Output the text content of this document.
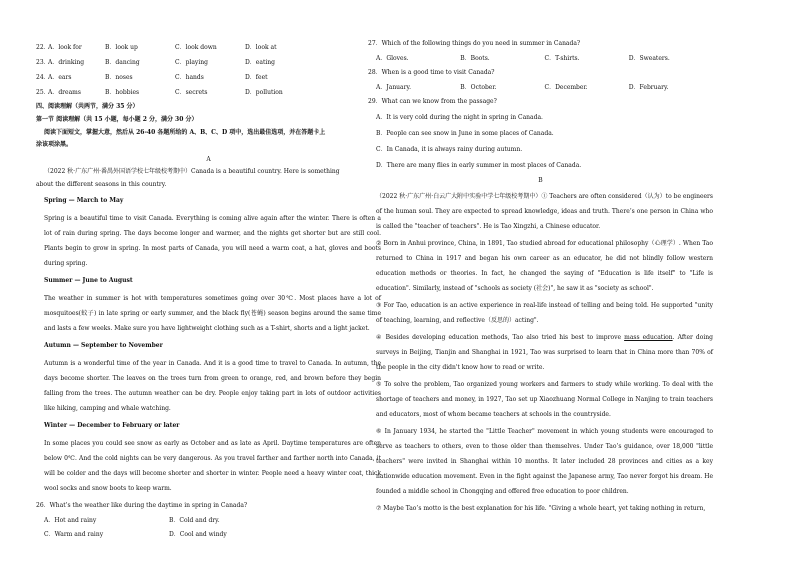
22．
A．look for	B．look up	C．look down	D．look at
23．
A．drinking	B．dancing	C．playing	D．eating
24．
A．ears	B．noses	C．hands	D．feet
25．
A．dreams	B．hobbies	C．secrets	D．pollution

四、阅读理解（共两节，满分 35 分）

第一节 阅读理解（共 15 小题，每小题 2 分，满分 30 分）

阅读下面短文，掌握大意，然后从 26-40 各题所给的 A、B、C、D 项中，选出最佳选项，并在答题卡上

涂该项涂黑。

A

（2022 秋·广东广州·番禺外国语学校七年级校考期中）Canada is a beautiful country. Here is something

about the different seasons in this country.

Spring — March to May

Spring is a beautiful time to visit Canada. Everything is coming alive again after the winter. There is often a lot of rain during spring. The days become longer and warmer, and the nights get shorter but are still cool. Plants begin to grow in spring. In most parts of Canada, you will need a warm coat, a hat, gloves and boots during spring.

Summer — June to August

The weather in summer is hot with temperatures sometimes going over 30℃. Most places have a lot of mosquitoes(蚊子) in late spring or early summer, and the black fly(苍蝇) season begins around the same time and lasts a few weeks. Make sure you have lightweight clothing such as a T-shirt, shorts and a light jacket.

Autumn — September to November

Autumn is a wonderful time of the year in Canada. And it is a good time to travel to Canada. In autumn, the days become shorter. The leaves on the trees turn from green to orange, red, and brown before they begin falling from the trees. The autumn weather can be dry. People enjoy taking part in lots of outdoor activities like hiking, camping and whale watching.

Winter — December to February or later

In some places you could see snow as early as October and as late as April. Daytime temperatures are often below 0℃. And the cold nights can be very dangerous. As you travel farther and farther north into Canada, it will be colder and the days will become shorter and shorter in winter. People need a heavy winter coat, thick wool socks and snow boots to keep warm.

26．What’s the weather like during the daytime in spring in Canada?

A．Hot and rainy	B．Cold and dry.
C．Warm and rainy	D．Cool and windy

27．Which of the following things do you need in summer in Canada?

A．Gloves.	B．Boots.	C．T-shirts.	D．Sweaters.

28．When is a good time to visit Canada?

A．January.	B．October.	C．December.	D．February.

29．What can we know from the passage?

A．It is very cold during the night in spring in Canada.

B．People can see snow in June in some places of Canada.

C．In Canada, it is always rainy during autumn.

D．There are many flies in early summer in most places of Canada.

B

（2022 秋·广东广州·白云广大附中实验中学七年级校考期中）① Teachers are often considered（认为）to be engineers of the human soul. They are expected to spread knowledge, ideas and truth. There’s one person in China who is called the "teacher of teachers". He is Tao Xingzhi, a Chinese educator.

② Born in Anhui province, China, in 1891, Tao studied abroad for educational philosophy（心理学）. When Tao returned to China in 1917 and began his own career as an educator, he did not blindly follow western education methods or theories. In fact, he changed the saying of "Education is life itself" to "Life is education". Similarly, instead of "schools as society (社会)", he saw it as "society as school".

③ For Tao, education is an active experience in real-life instead of telling and being told. He supported "unity of teaching, learning, and reflective（反思的）acting".

④ Besides developing education methods, Tao also tried his best to improve mass education. After doing surveys in Beijing, Tianjin and Shanghai in 1921, Tao was surprised to learn that in China more than 70% of the people in the city didn't know how to read or write.

⑤ To solve the problem, Tao organized young workers and farmers to study while working. To deal with the shortage of teachers and money, in 1927, Tao set up Xiaozhuang Normal College in Nanjing to train teachers and educators, most of whom became teachers at schools in the countryside.

⑥ In January 1934, he started the "Little Teacher" movement in which young students were encouraged to serve as teachers to others, even to those older than themselves. Under Tao’s guidance, over 18,000 "little teachers" were invited in Shanghai within 10 months. It later included 28 provinces and cities as a key nationwide education movement. Even in the fight against the Japanese army, Tao never forgot his dream. He founded a middle school in Chongqing and offered free education to poor children.

⑦ Maybe Tao’s motto is the best explanation for his life. "Giving a whole heart, yet taking nothing in return,
